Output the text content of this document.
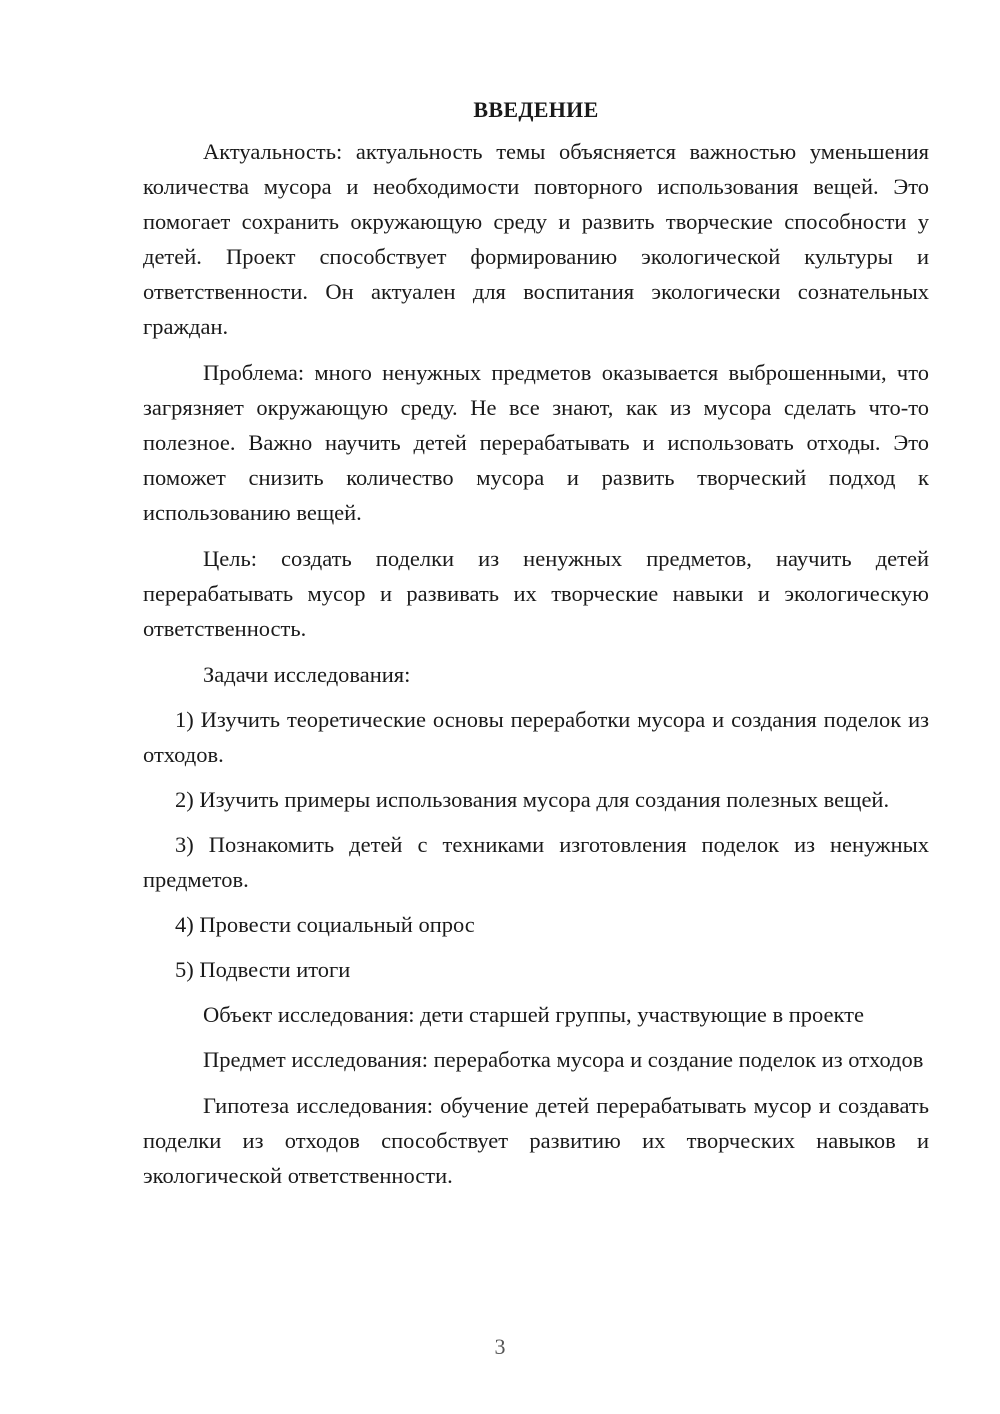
ВВЕДЕНИЕ

Актуальность: актуальность темы объясняется важностью уменьшения количества мусора и необходимости повторного использования вещей. Это помогает сохранить окружающую среду и развить творческие способности у детей. Проект способствует формированию экологической культуры и ответственности. Он актуален для воспитания экологически сознательных граждан.

Проблема: много ненужных предметов оказывается выброшенными, что загрязняет окружающую среду. Не все знают, как из мусора сделать что-то полезное. Важно научить детей перерабатывать и использовать отходы. Это поможет снизить количество мусора и развить творческий подход к использованию вещей.

Цель: создать поделки из ненужных предметов, научить детей перерабатывать мусор и развивать их творческие навыки и экологическую ответственность.

Задачи исследования:

1) Изучить теоретические основы переработки мусора и создания поделок из отходов.

2) Изучить примеры использования мусора для создания полезных вещей.

3) Познакомить детей с техниками изготовления поделок из ненужных предметов.

4) Провести социальный опрос

5) Подвести итоги

Объект исследования: дети старшей группы, участвующие в проекте

Предмет исследования: переработка мусора и создание поделок из отходов

Гипотеза исследования: обучение детей перерабатывать мусор и создавать поделки из отходов способствует развитию их творческих навыков и экологической ответственности.

3
